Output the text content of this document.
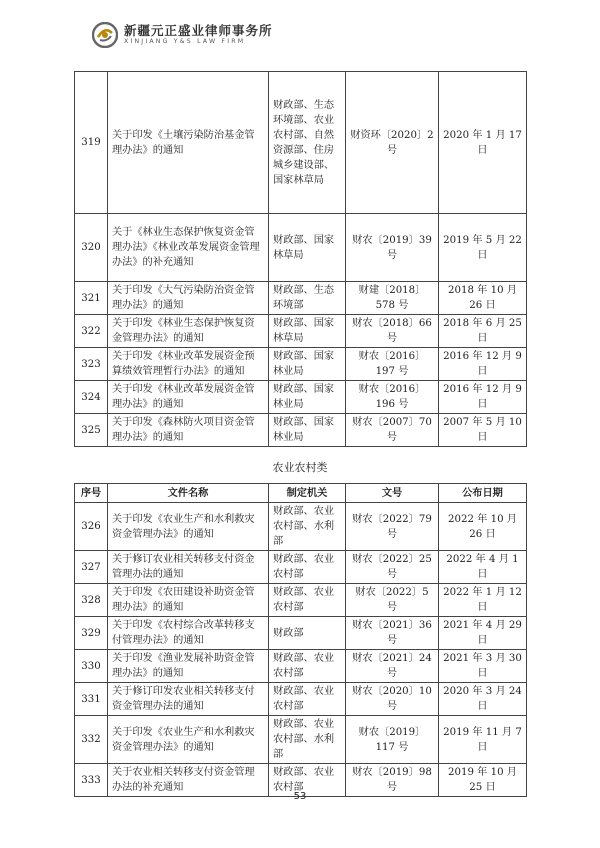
新疆元正盛业律师事务所
XINJIANG Y&S LAW FIRM
319	关于印发《土壤污染防治基金管理办法》的通知	财政部、生态环境部、农业农村部、自然资源部、住房城乡建设部、国家林草局	财资环〔2020〕2 号	2020 年 1 月 17 日
320	关于《林业生态保护恢复资金管理办法》《林业改革发展资金管理办法》的补充通知	财政部、国家林草局	财农〔2019〕39 号	2019 年 5 月 22 日
321	关于印发《大气污染防治资金管理办法》的通知	财政部、生态环境部	财建〔2018〕578 号	2018 年 10 月 26 日
322	关于印发《林业生态保护恢复资金管理办法》的通知	财政部、国家林草局	财农〔2018〕66 号	2018 年 6 月 25 日
323	关于印发《林业改革发展资金预算绩效管理暂行办法》的通知	财政部、国家林业局	财农〔2016〕197 号	2016 年 12 月 9 日
324	关于印发《林业改革发展资金管理办法》的通知	财政部、国家林业局	财农〔2016〕196 号	2016 年 12 月 9 日
325	关于印发《森林防火项目资金管理办法》的通知	财政部、国家林业局	财农〔2007〕70 号	2007 年 5 月 10 日
农业农村类
序号	文件名称	制定机关	文号	公布日期
326	关于印发《农业生产和水利救灾资金管理办法》的通知	财政部、农业农村部、水利部	财农〔2022〕79 号	2022 年 10 月 26 日
327	关于修订农业相关转移支付资金管理办法的通知	财政部、农业农村部	财农〔2022〕25 号	2022 年 4 月 1 日
328	关于印发《农田建设补助资金管理办法》的通知	财政部、农业农村部	财农〔2022〕5 号	2022 年 1 月 12 日
329	关于印发《农村综合改革转移支付管理办法》的通知	财政部	财农〔2021〕36 号	2021 年 4 月 29 日
330	关于印发《渔业发展补助资金管理办法》的通知	财政部、农业农村部	财农〔2021〕24 号	2021 年 3 月 30 日
331	关于修订印发农业相关转移支付资金管理办法的通知	财政部、农业农村部	财农〔2020〕10 号	2020 年 3 月 24 日
332	关于印发《农业生产和水利救灾资金管理办法》的通知	财政部、农业农村部、水利部	财农〔2019〕117 号	2019 年 11 月 7 日
333	关于农业相关转移支付资金管理办法的补充通知	财政部、农业农村部	财农〔2019〕98 号	2019 年 10 月 25 日
53
